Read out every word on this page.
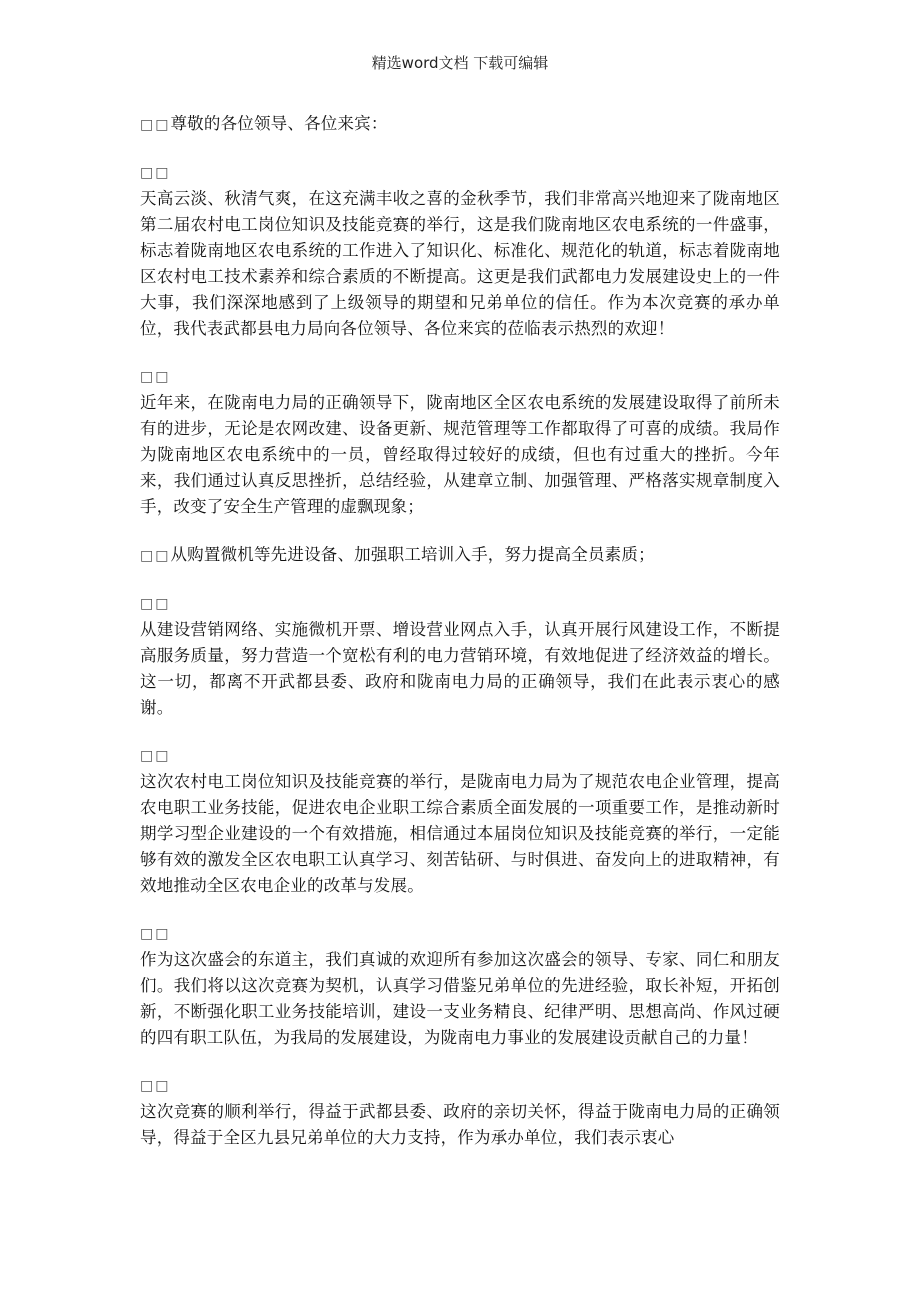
精选word文档 下载可编辑

□□尊敬的各位领导、各位来宾：

□□
天高云淡、秋清气爽，在这充满丰收之喜的金秋季节，我们非常高兴地迎来了陇南地区第二届农村电工岗位知识及技能竞赛的举行，这是我们陇南地区农电系统的一件盛事，标志着陇南地区农电系统的工作进入了知识化、标准化、规范化的轨道，标志着陇南地区农村电工技术素养和综合素质的不断提高。这更是我们武都电力发展建设史上的一件大事，我们深深地感到了上级领导的期望和兄弟单位的信任。作为本次竞赛的承办单位，我代表武都县电力局向各位领导、各位来宾的莅临表示热烈的欢迎！
□□
近年来，在陇南电力局的正确领导下，陇南地区全区农电系统的发展建设取得了前所未有的进步，无论是农网改建、设备更新、规范管理等工作都取得了可喜的成绩。我局作为陇南地区农电系统中的一员，曾经取得过较好的成绩，但也有过重大的挫折。今年来，我们通过认真反思挫折，总结经验，从建章立制、加强管理、严格落实规章制度入手，改变了安全生产管理的虚飘现象；

□□从购置微机等先进设备、加强职工培训入手，努力提高全员素质；

□□
从建设营销网络、实施微机开票、增设营业网点入手，认真开展行风建设工作，不断提高服务质量，努力营造一个宽松有利的电力营销环境，有效地促进了经济效益的增长。这一切，都离不开武都县委、政府和陇南电力局的正确领导，我们在此表示衷心的感谢。
□□
这次农村电工岗位知识及技能竞赛的举行，是陇南电力局为了规范农电企业管理，提高农电职工业务技能，促进农电企业职工综合素质全面发展的一项重要工作，是推动新时期学习型企业建设的一个有效措施，相信通过本届岗位知识及技能竞赛的举行，一定能够有效的激发全区农电职工认真学习、刻苦钻研、与时俱进、奋发向上的进取精神，有效地推动全区农电企业的改革与发展。
□□
作为这次盛会的东道主，我们真诚的欢迎所有参加这次盛会的领导、专家、同仁和朋友们。我们将以这次竞赛为契机，认真学习借鉴兄弟单位的先进经验，取长补短，开拓创新，不断强化职工业务技能培训，建设一支业务精良、纪律严明、思想高尚、作风过硬的四有职工队伍，为我局的发展建设，为陇南电力事业的发展建设贡献自己的力量！
□□
这次竞赛的顺利举行，得益于武都县委、政府的亲切关怀，得益于陇南电力局的正确领导，得益于全区九县兄弟单位的大力支持，作为承办单位，我们表示衷心
